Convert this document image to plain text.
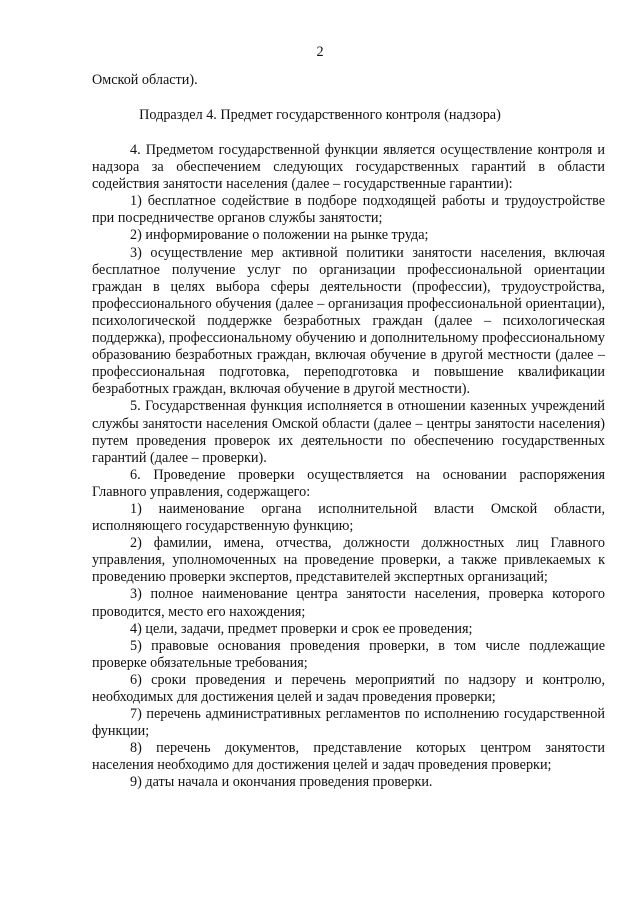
2
Омской области).
Подраздел 4. Предмет государственного контроля (надзора)

4. Предметом государственной функции является осуществление контроля и надзора за обеспечением следующих государственных гарантий в области содействия занятости населения (далее – государственные гарантии):

1) бесплатное содействие в подборе подходящей работы и трудоустройстве при посредничестве органов службы занятости;

2) информирование о положении на рынке труда;

3) осуществление мер активной политики занятости населения, включая бесплатное получение услуг по организации профессиональной ориентации граждан в целях выбора сферы деятельности (профессии), трудоустройства, профессионального обучения (далее – организация профессиональной ориентации), психологической поддержке безработных граждан (далее – психологическая поддержка), профессиональному обучению и дополнительному профессиональному образованию безработных граждан, включая обучение в другой местности (далее – профессиональная подготовка, переподготовка и повышение квалификации безработных граждан, включая обучение в другой местности).

5. Государственная функция исполняется в отношении казенных учреждений службы занятости населения Омской области (далее – центры занятости населения) путем проведения проверок их деятельности по обеспечению государственных гарантий (далее – проверки).

6. Проведение проверки осуществляется на основании распоряжения Главного управления, содержащего:

1) наименование органа исполнительной власти Омской области, исполняющего государственную функцию;

2) фамилии, имена, отчества, должности должностных лиц Главного управления, уполномоченных на проведение проверки, а также привлекаемых к проведению проверки экспертов, представителей экспертных организаций;

3) полное наименование центра занятости населения, проверка которого проводится, место его нахождения;

4) цели, задачи, предмет проверки и срок ее проведения;

5) правовые основания проведения проверки, в том числе подлежащие проверке обязательные требования;

6) сроки проведения и перечень мероприятий по надзору и контролю, необходимых для достижения целей и задач проведения проверки;

7) перечень административных регламентов по исполнению государственной функции;

8) перечень документов, представление которых центром занятости населения необходимо для достижения целей и задач проведения проверки;

9) даты начала и окончания проведения проверки.
